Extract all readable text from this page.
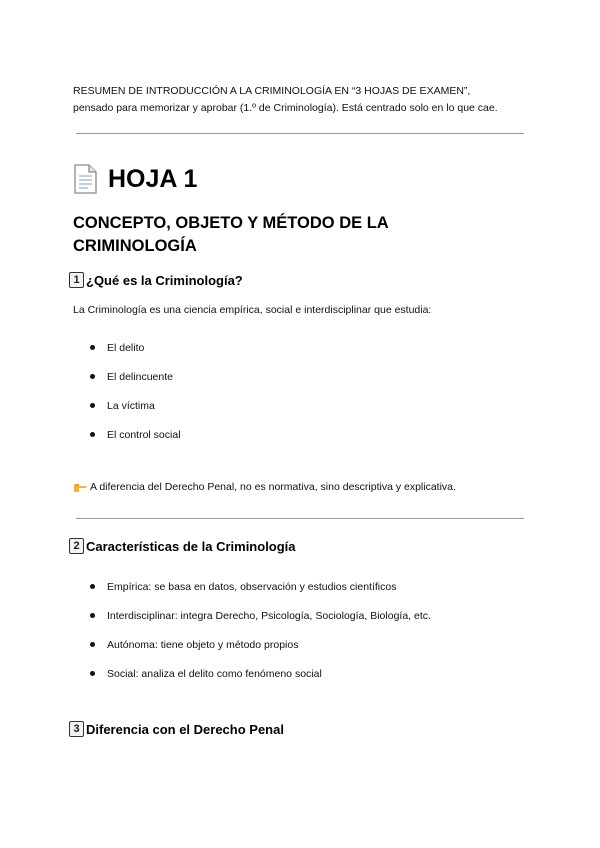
RESUMEN DE INTRODUCCIÓN A LA CRIMINOLOGÍA EN “3 HOJAS DE EXAMEN”,
pensado para memorizar y aprobar (1.º de Criminología). Está centrado solo en lo que cae.
HOJA 1
CONCEPTO, OBJETO Y MÉTODO DE LA CRIMINOLOGÍA
1 ¿Qué es la Criminología?
La Criminología es una ciencia empírica, social e interdisciplinar que estudia:
El delito
El delincuente
La víctima
El control social
A diferencia del Derecho Penal, no es normativa, sino descriptiva y explicativa.
2 Características de la Criminología
Empírica: se basa en datos, observación y estudios científicos
Interdisciplinar: integra Derecho, Psicología, Sociología, Biología, etc.
Autónoma: tiene objeto y método propios
Social: analiza el delito como fenómeno social
3 Diferencia con el Derecho Penal
